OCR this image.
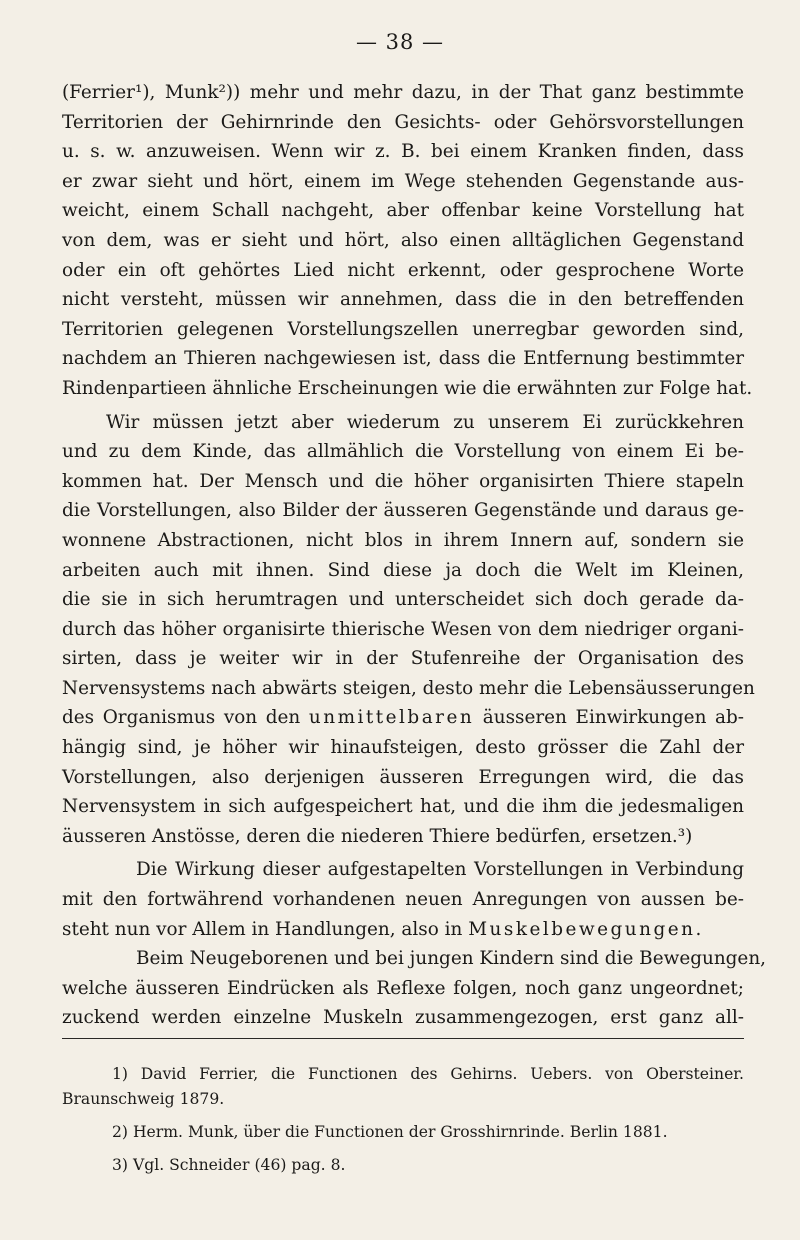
— 38 —
(Ferrier¹), Munk²)) mehr und mehr dazu, in der That ganz bestimmte
Territorien der Gehirnrinde den Gesichts- oder Gehörsvorstellungen
u. s. w. anzuweisen. Wenn wir z. B. bei einem Kranken finden, dass
er zwar sieht und hört, einem im Wege stehenden Gegenstande aus-
weicht, einem Schall nachgeht, aber offenbar keine Vorstellung hat
von dem, was er sieht und hört, also einen alltäglichen Gegenstand
oder ein oft gehörtes Lied nicht erkennt, oder gesprochene Worte
nicht versteht, müssen wir annehmen, dass die in den betreffenden
Territorien gelegenen Vorstellungszellen unerregbar geworden sind,
nachdem an Thieren nachgewiesen ist, dass die Entfernung bestimmter
Rindenpartieen ähnliche Erscheinungen wie die erwähnten zur Folge hat.
Wir müssen jetzt aber wiederum zu unserem Ei zurückkehren
und zu dem Kinde, das allmählich die Vorstellung von einem Ei be-
kommen hat. Der Mensch und die höher organisirten Thiere stapeln
die Vorstellungen, also Bilder der äusseren Gegenstände und daraus ge-
wonnene Abstractionen, nicht blos in ihrem Innern auf, sondern sie
arbeiten auch mit ihnen. Sind diese ja doch die Welt im Kleinen,
die sie in sich herumtragen und unterscheidet sich doch gerade da-
durch das höher organisirte thierische Wesen von dem niedriger organi-
sirten, dass je weiter wir in der Stufenreihe der Organisation des
Nervensystems nach abwärts steigen, desto mehr die Lebensäusserungen
des Organismus von den unmittelbaren äusseren Einwirkungen ab-
hängig sind, je höher wir hinaufsteigen, desto grösser die Zahl der
Vorstellungen, also derjenigen äusseren Erregungen wird, die das
Nervensystem in sich aufgespeichert hat, und die ihm die jedesmaligen
äusseren Anstösse, deren die niederen Thiere bedürfen, ersetzen.³)
Die Wirkung dieser aufgestapelten Vorstellungen in Verbindung
mit den fortwährend vorhandenen neuen Anregungen von aussen be-
steht nun vor Allem in Handlungen, also in Muskelbewegungen.
Beim Neugeborenen und bei jungen Kindern sind die Bewegungen,
welche äusseren Eindrücken als Reflexe folgen, noch ganz ungeordnet;
zuckend werden einzelne Muskeln zusammengezogen, erst ganz all-
1) David Ferrier, die Functionen des Gehirns. Uebers. von Obersteiner.
Braunschweig 1879.
2) Herm. Munk, über die Functionen der Grosshirnrinde. Berlin 1881.
3) Vgl. Schneider (46) pag. 8.
